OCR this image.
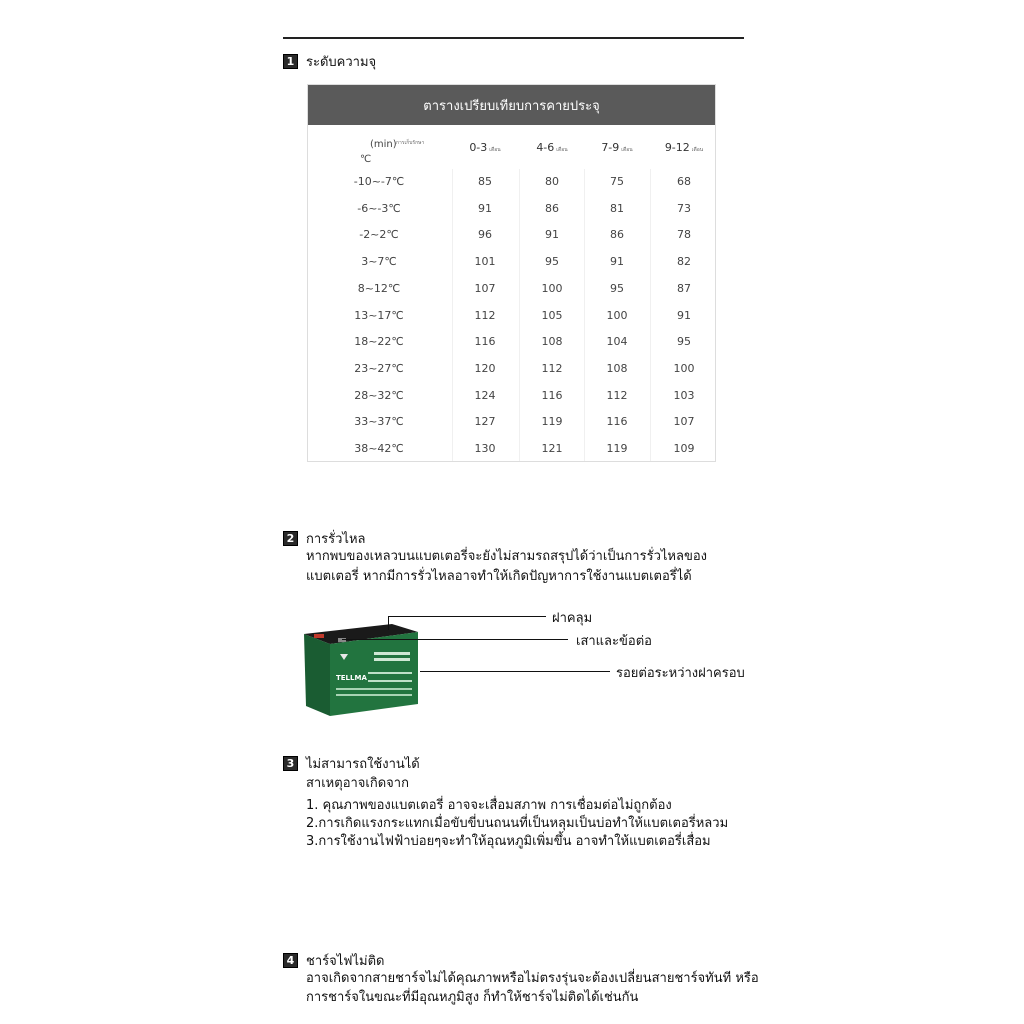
1 ระดับความจุ
ตารางเปรียบเทียบการคายประจุ
(min) การเก็บรักษา
℃
0-3 เดือน	4-6 เดือน	7-9 เดือน	9-12 เดือน
-10~-7℃	85	80	75	68
-6~-3℃	91	86	81	73
-2~2℃	96	91	86	78
3~7℃	101	95	91	82
8~12℃	107	100	95	87
13~17℃	112	105	100	91
18~22℃	116	108	104	95
23~27℃	120	112	108	100
28~32℃	124	116	112	103
33~37℃	127	119	116	107
38~42℃	130	121	119	109
2 การรั่วไหล
หากพบของเหลวบนแบตเตอรี่จะยังไม่สามรถสรุปได้ว่าเป็นการรั่วไหลของ
แบตเตอรี่ หากมีการรั่วไหลอาจทำให้เกิดปัญหาการใช้งานแบตเตอรี่ได้
TELLMA
ฝาคลุม
เสาและข้อต่อ
รอยต่อระหว่างฝาครอบ
3 ไม่สามารถใช้งานได้
สาเหตุอาจเกิดจาก
1. คุณภาพของแบตเตอรี่ อาจจะเสื่อมสภาพ การเชื่อมต่อไม่ถูกต้อง
2.การเกิดแรงกระแทกเมื่อขับขี่บนถนนที่เป็นหลุมเป็นบ่อทำให้แบตเตอรี่หลวม
3.การใช้งานไฟฟ้าบ่อยๆจะทำให้อุณหภูมิเพิ่มขึ้น อาจทำให้แบตเตอรี่เสื่อม
4 ชาร์จไฟไม่ติด
อาจเกิดจากสายชาร์จไม่ได้คุณภาพหรือไม่ตรงรุ่นจะต้องเปลี่ยนสายชาร์จทันที หรือ
การชาร์จในขณะที่มีอุณหภูมิสูง ก็ทำให้ชาร์จไม่ติดได้เช่นกัน
